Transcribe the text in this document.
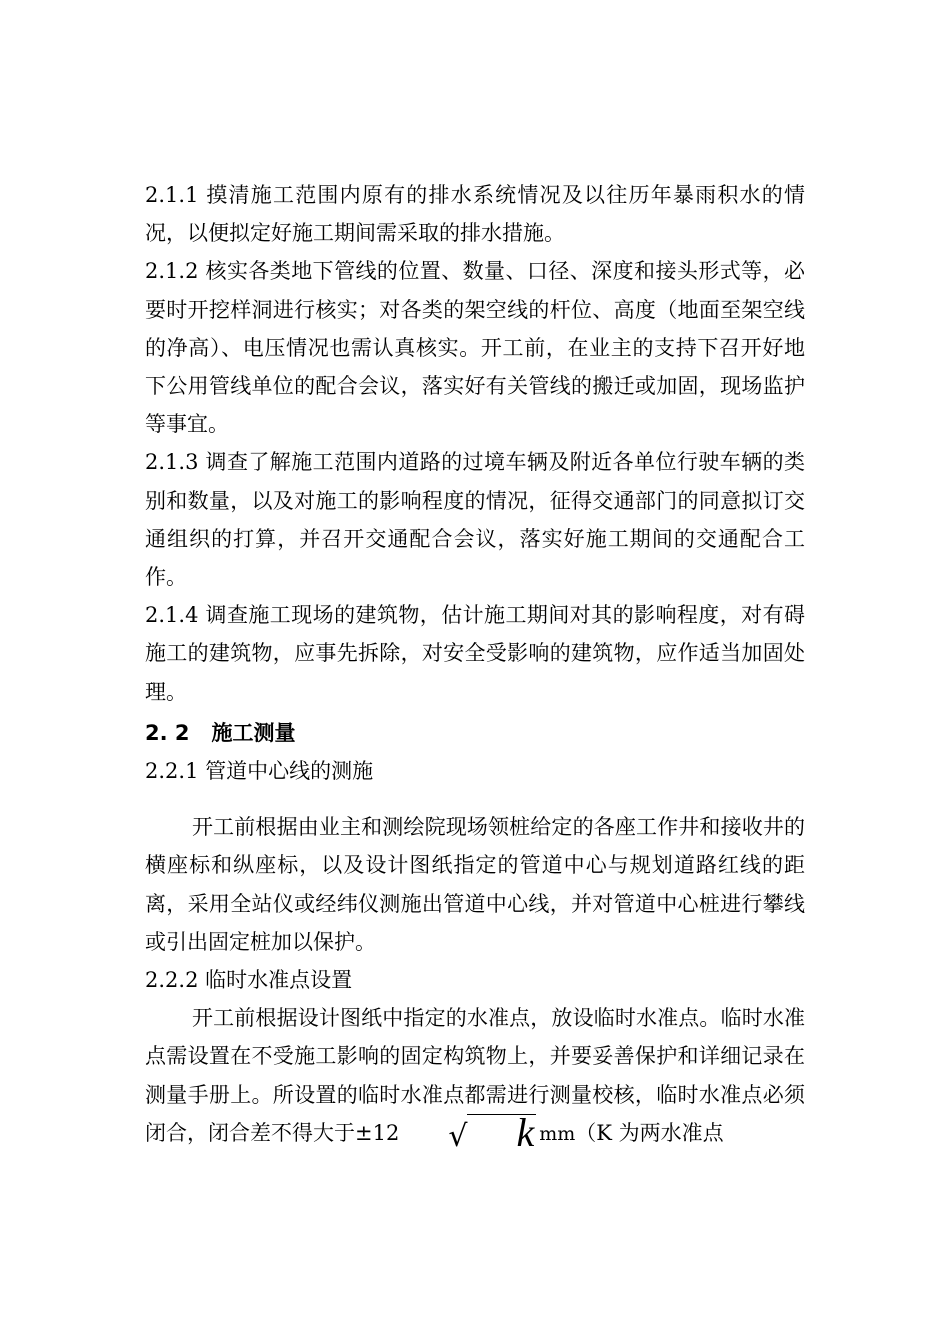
2.1.1 摸清施工范围内原有的排水系统情况及以往历年暴雨积水的情况，以便拟定好施工期间需采取的排水措施。

2.1.2 核实各类地下管线的位置、数量、口径、深度和接头形式等，必要时开挖样洞进行核实；对各类的架空线的杆位、高度（地面至架空线的净高）、电压情况也需认真核实。开工前，在业主的支持下召开好地下公用管线单位的配合会议，落实好有关管线的搬迁或加固，现场监护等事宜。

2.1.3 调查了解施工范围内道路的过境车辆及附近各单位行驶车辆的类别和数量，以及对施工的影响程度的情况，征得交通部门的同意拟订交通组织的打算，并召开交通配合会议，落实好施工期间的交通配合工作。

2.1.4 调查施工现场的建筑物，估计施工期间对其的影响程度，对有碍施工的建筑物，应事先拆除，对安全受影响的建筑物，应作适当加固处理。

2. 2 施工测量

2.2.1 管道中心线的测施

开工前根据由业主和测绘院现场领桩给定的各座工作井和接收井的横座标和纵座标，以及设计图纸指定的管道中心与规划道路红线的距离，采用全站仪或经纬仪测施出管道中心线，并对管道中心桩进行攀线或引出固定桩加以保护。

2.2.2 临时水准点设置

开工前根据设计图纸中指定的水准点，放设临时水准点。临时水准点需设置在不受施工影响的固定构筑物上，并要妥善保护和详细记录在测量手册上。所设置的临时水准点都需进行测量校核，临时水准点必须闭合，闭合差不得大于±12 √ k mm（K 为两水准点
